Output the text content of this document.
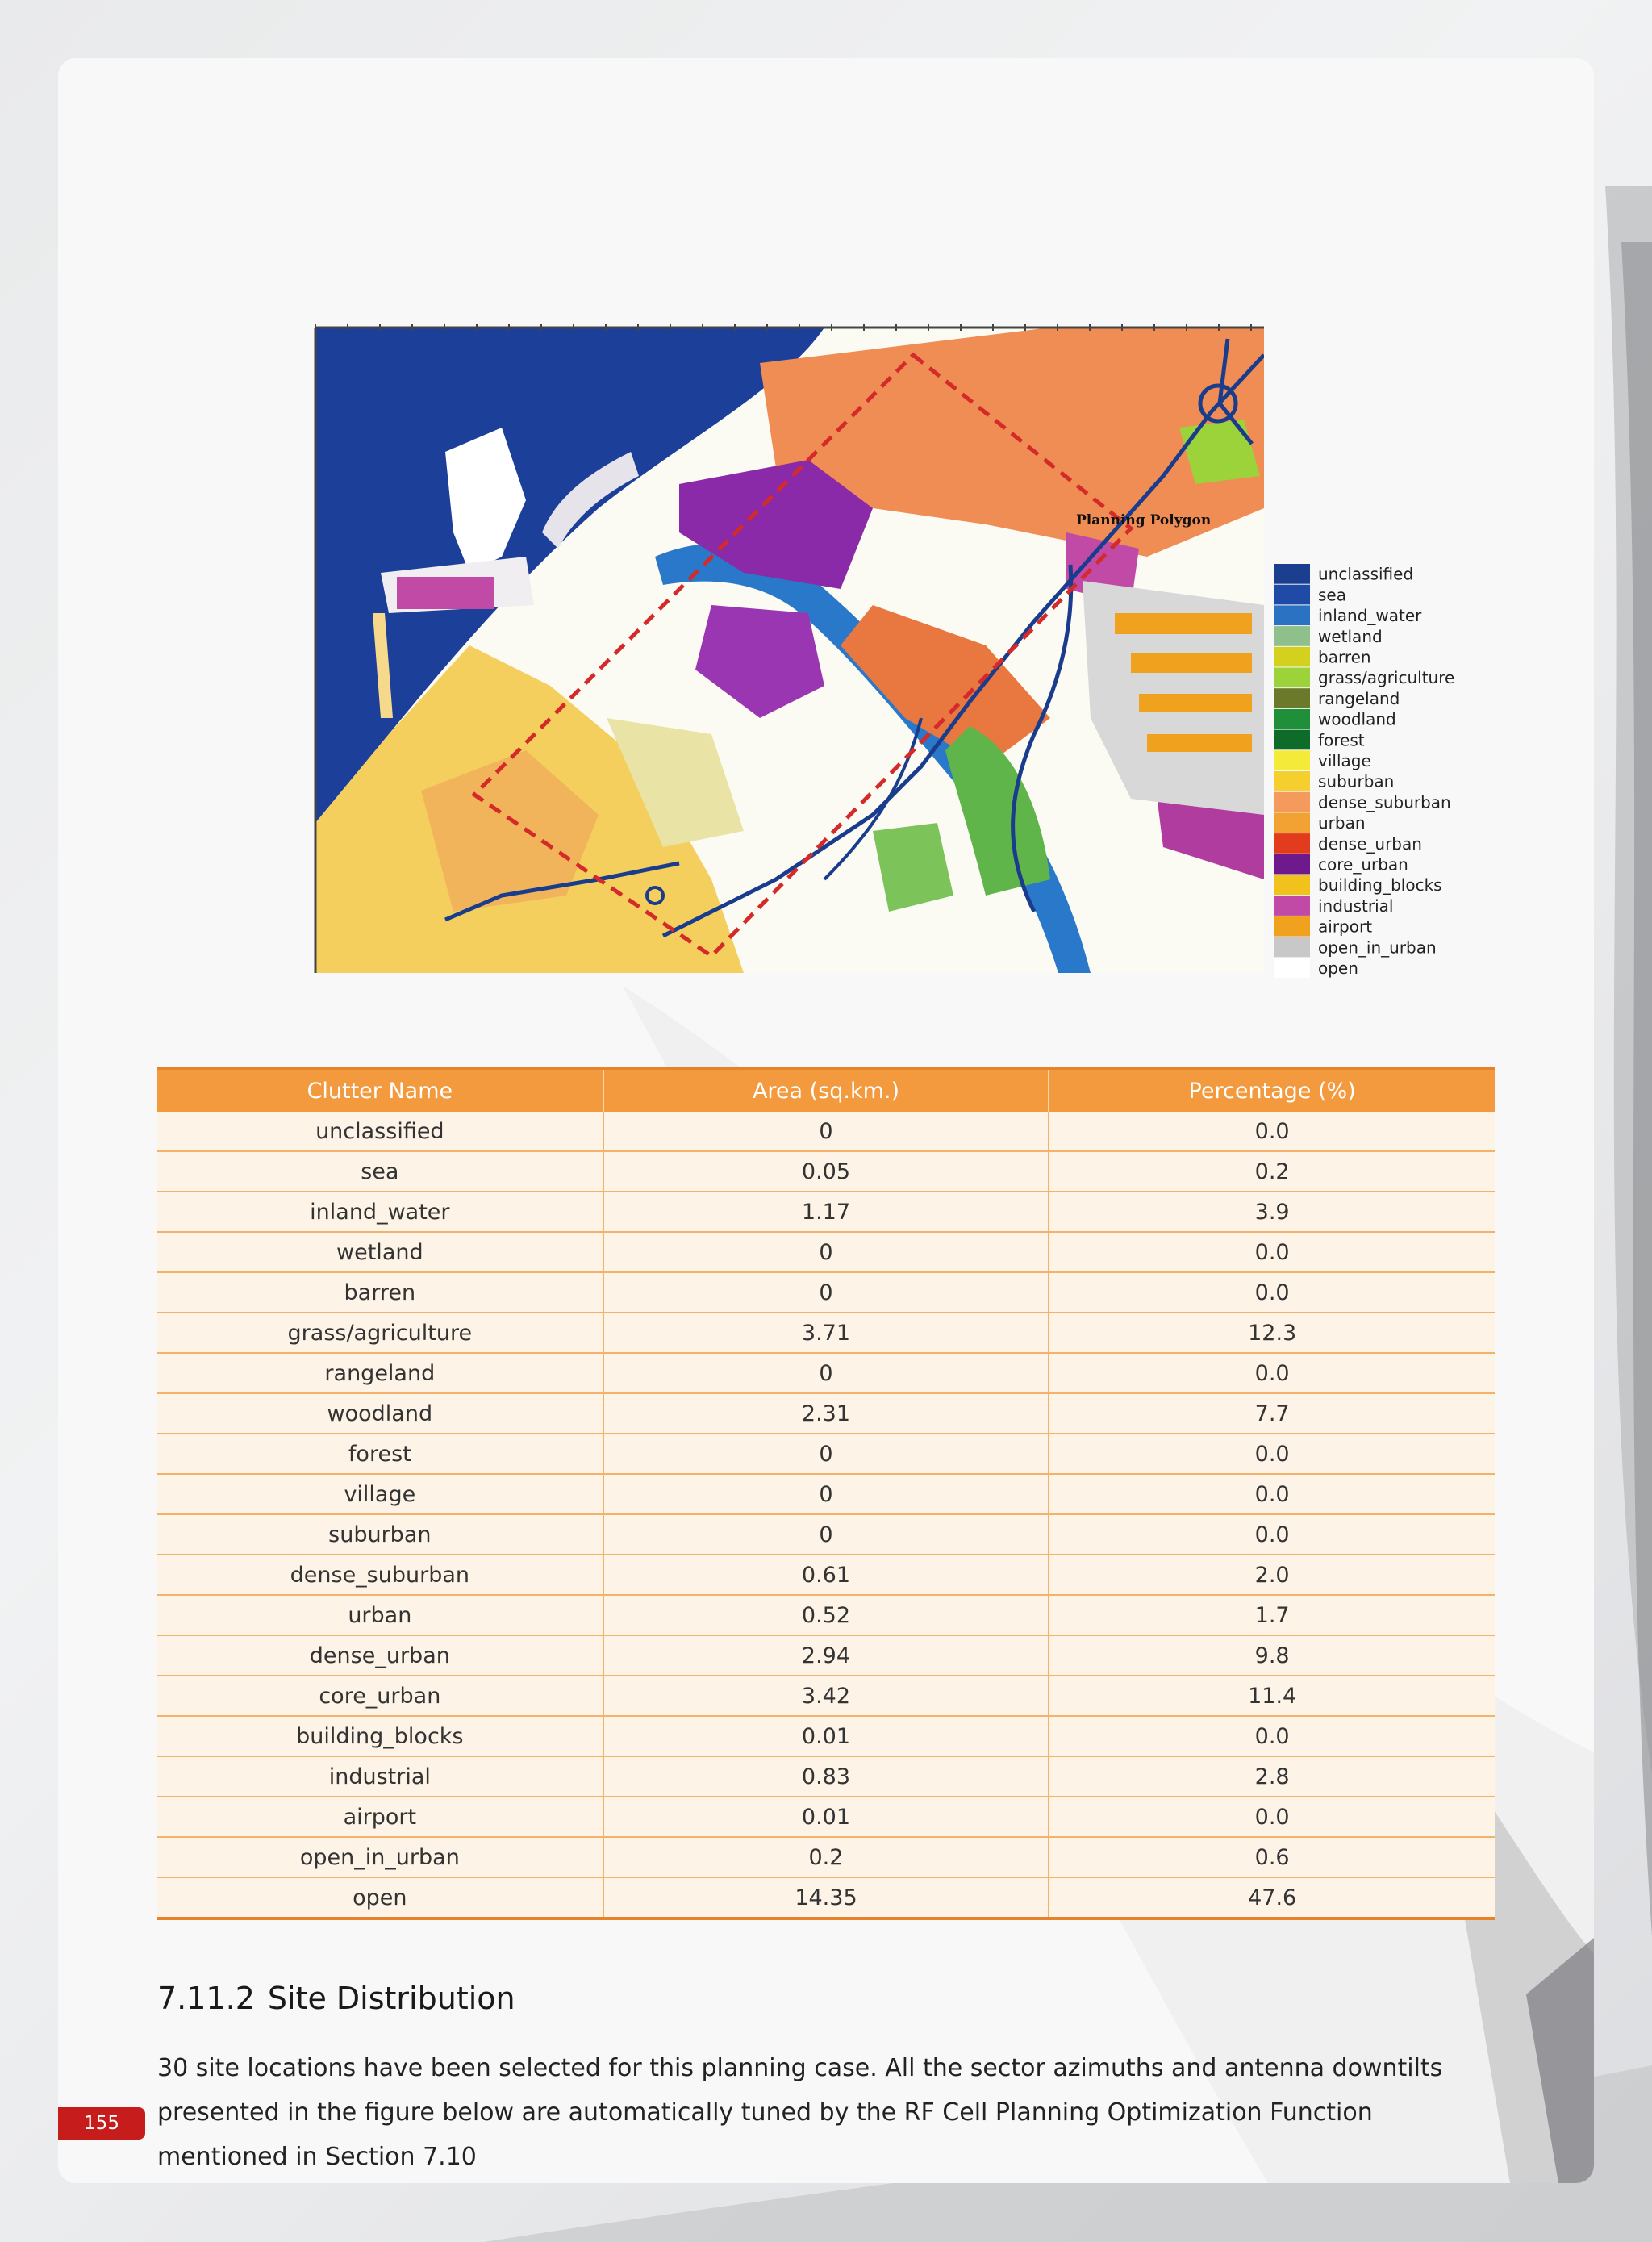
Planning Polygon
unclassified
sea
inland_water
wetland
barren
grass/agriculture
rangeland
woodland
forest
village
suburban
dense_suburban
urban
dense_urban
core_urban
building_blocks
industrial
airport
open_in_urban
open
Clutter Name	Area (sq.km.)	Percentage (%)
unclassified	0	0.0
sea	0.05	0.2
inland_water	1.17	3.9
wetland	0	0.0
barren	0	0.0
grass/agriculture	3.71	12.3
rangeland	0	0.0
woodland	2.31	7.7
forest	0	0.0
village	0	0.0
suburban	0	0.0
dense_suburban	0.61	2.0
urban	0.52	1.7
dense_urban	2.94	9.8
core_urban	3.42	11.4
building_blocks	0.01	0.0
industrial	0.83	2.8
airport	0.01	0.0
open_in_urban	0.2	0.6
open	14.35	47.6
7.11.2 Site Distribution

30 site locations have been selected for this planning case. All the sector azimuths and antenna downtilts presented in the figure below are automatically tuned by the RF Cell Planning Optimization Function mentioned in Section 7.10

155
